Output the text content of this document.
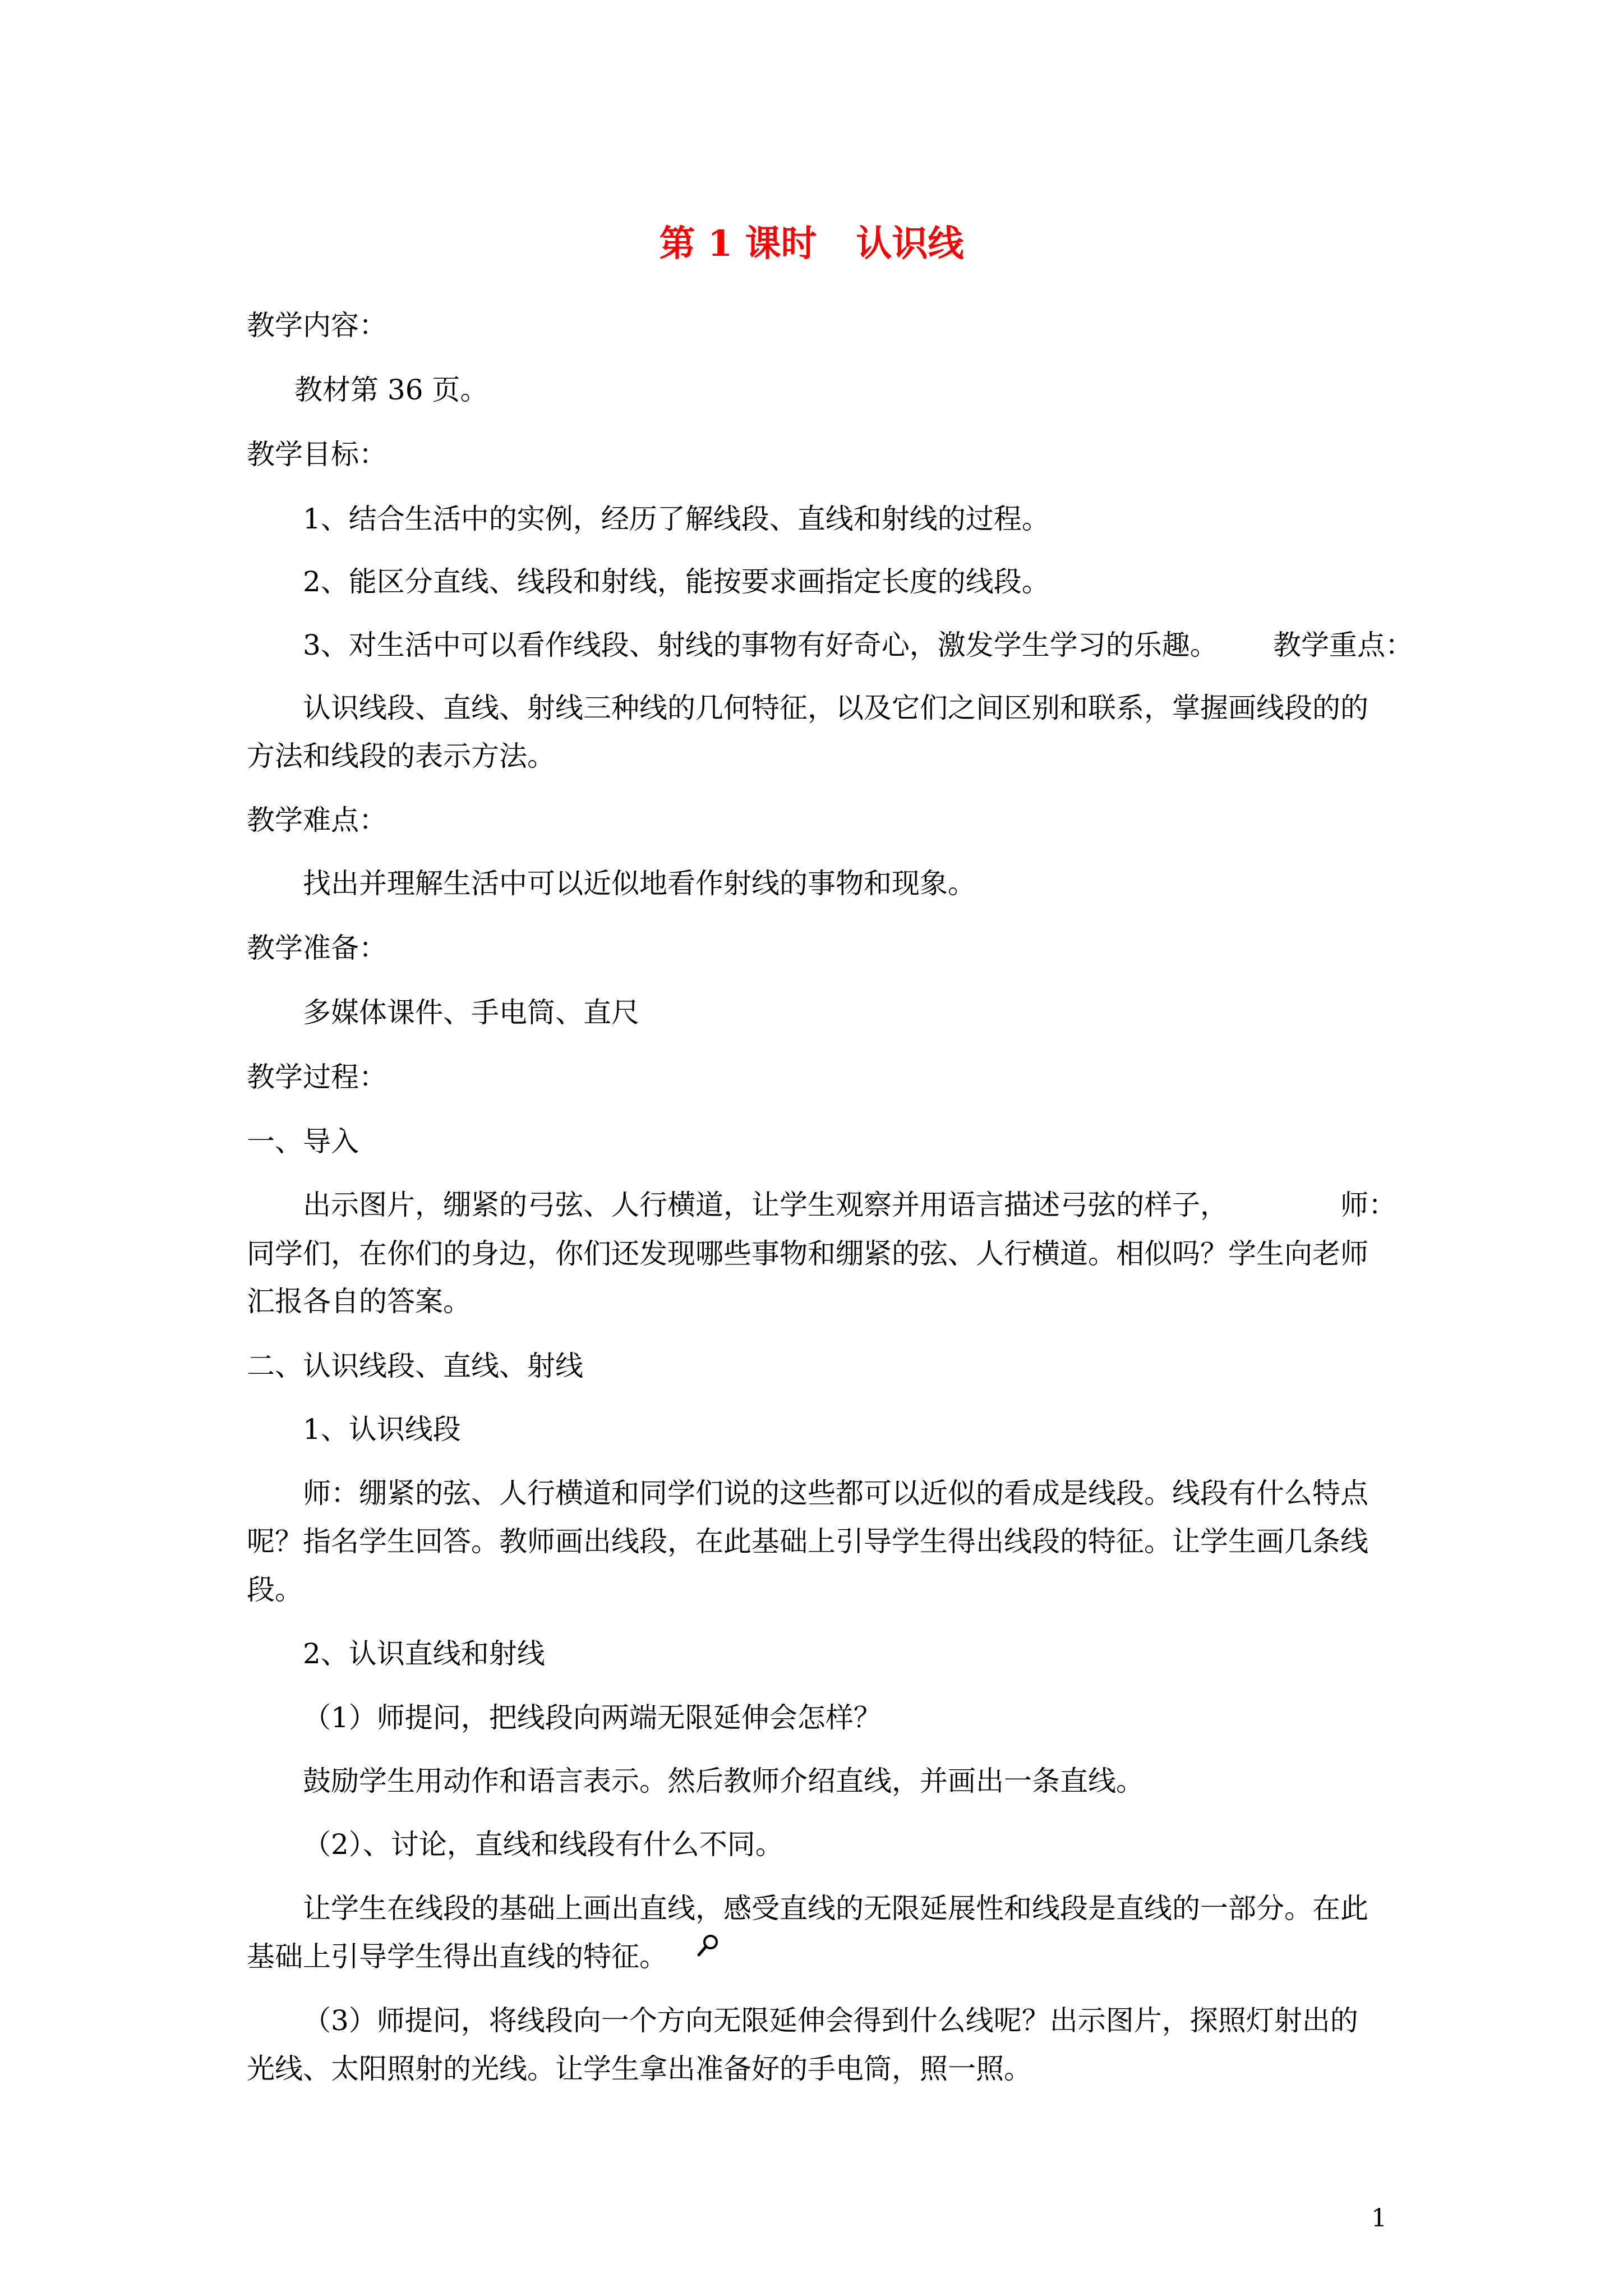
第 1 课时 认识线
教学内容：
教材第 36 页。
教学目标：
1、结合生活中的实例，经历了解线段、直线和射线的过程。
2、能区分直线、线段和射线，能按要求画指定长度的线段。
3、对生活中可以看作线段、射线的事物有好奇心，激发学生学习的乐趣。 教学重点：
认识线段、直线、射线三种线的几何特征，以及它们之间区别和联系，掌握画线段的的
方法和线段的表示方法。
教学难点：
找出并理解生活中可以近似地看作射线的事物和现象。
教学准备：
多媒体课件、手电筒、直尺
教学过程：
一、导入
出示图片，绷紧的弓弦、人行横道，让学生观察并用语言描述弓弦的样子，	师：
同学们，在你们的身边，你们还发现哪些事物和绷紧的弦、人行横道。相似吗？学生向老师
汇报各自的答案。
二、认识线段、直线、射线
1、认识线段
师：绷紧的弦、人行横道和同学们说的这些都可以近似的看成是线段。线段有什么特点
呢？指名学生回答。教师画出线段，在此基础上引导学生得出线段的特征。让学生画几条线
段。
2、认识直线和射线
（1）师提问，把线段向两端无限延伸会怎样？
鼓励学生用动作和语言表示。然后教师介绍直线，并画出一条直线。
（2）、讨论，直线和线段有什么不同。
让学生在线段的基础上画出直线，感受直线的无限延展性和线段是直线的一部分。在此
基础上引导学生得出直线的特征。
（3）师提问，将线段向一个方向无限延伸会得到什么线呢？出示图片，探照灯射出的
光线、太阳照射的光线。让学生拿出准备好的手电筒，照一照。
1
